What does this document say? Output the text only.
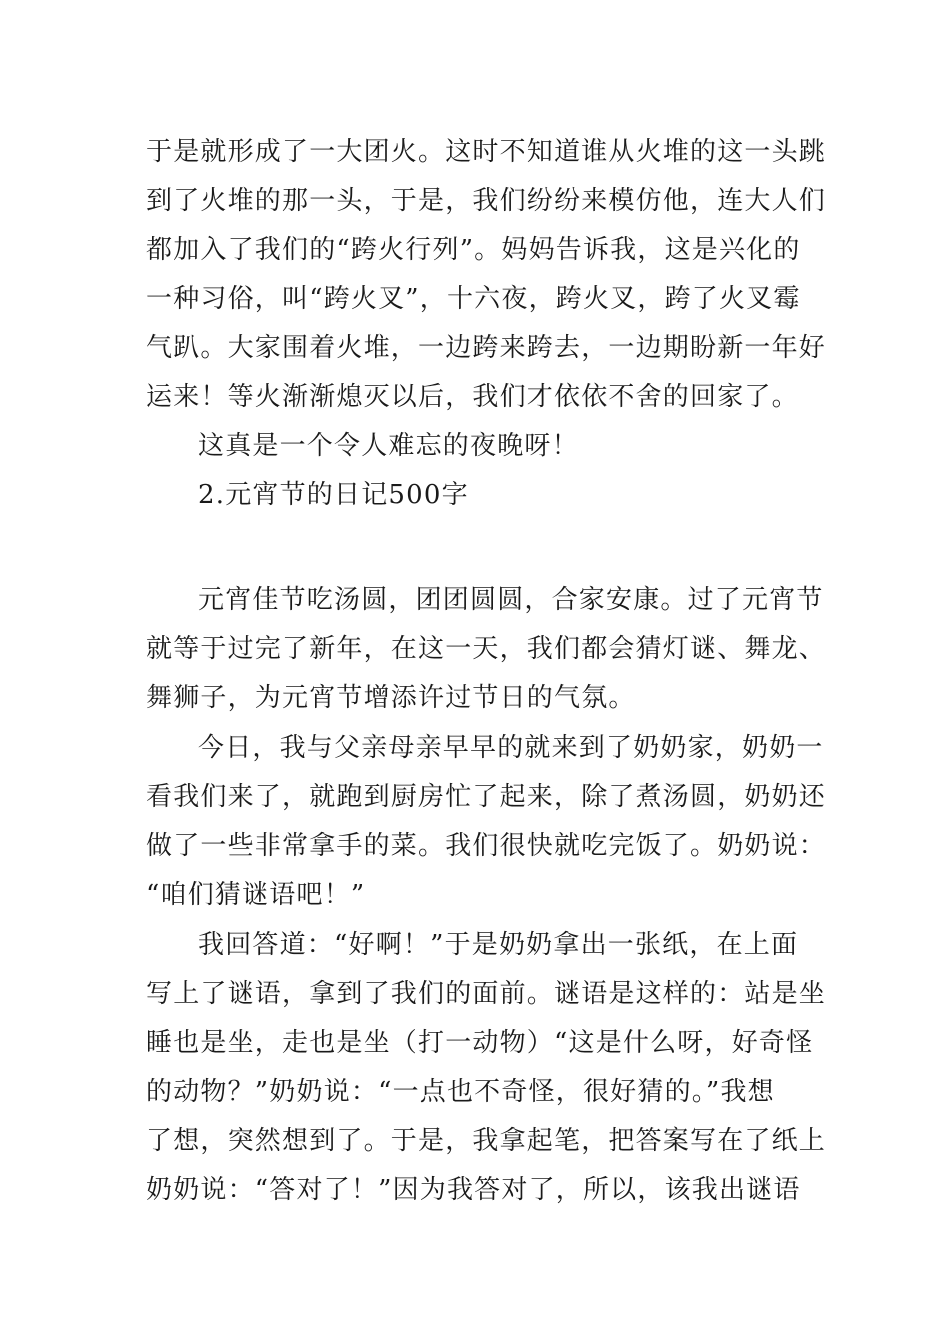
于是就形成了一大团火。这时不知道谁从火堆的这一头跳
到了火堆的那一头，于是，我们纷纷来模仿他，连大人们
都加入了我们的“跨火行列”。妈妈告诉我，这是兴化的
一种习俗，叫“跨火叉”，十六夜，跨火叉，跨了火叉霉
气趴。大家围着火堆，一边跨来跨去，一边期盼新一年好
运来！等火渐渐熄灭以后，我们才依依不舍的回家了。
这真是一个令人难忘的夜晚呀！
2.元宵节的日记500字
元宵佳节吃汤圆，团团圆圆，合家安康。过了元宵节
就等于过完了新年，在这一天，我们都会猜灯谜、舞龙、
舞狮子，为元宵节增添许过节日的气氛。
今日，我与父亲母亲早早的就来到了奶奶家，奶奶一
看我们来了，就跑到厨房忙了起来，除了煮汤圆，奶奶还
做了一些非常拿手的菜。我们很快就吃完饭了。奶奶说：
“咱们猜谜语吧！”
我回答道：“好啊！”于是奶奶拿出一张纸，在上面
写上了谜语，拿到了我们的面前。谜语是这样的：站是坐
睡也是坐，走也是坐（打一动物）“这是什么呀，好奇怪
的动物？”奶奶说：“一点也不奇怪，很好猜的。”我想
了想，突然想到了。于是，我拿起笔，把答案写在了纸上
奶奶说：“答对了！”因为我答对了，所以，该我出谜语
